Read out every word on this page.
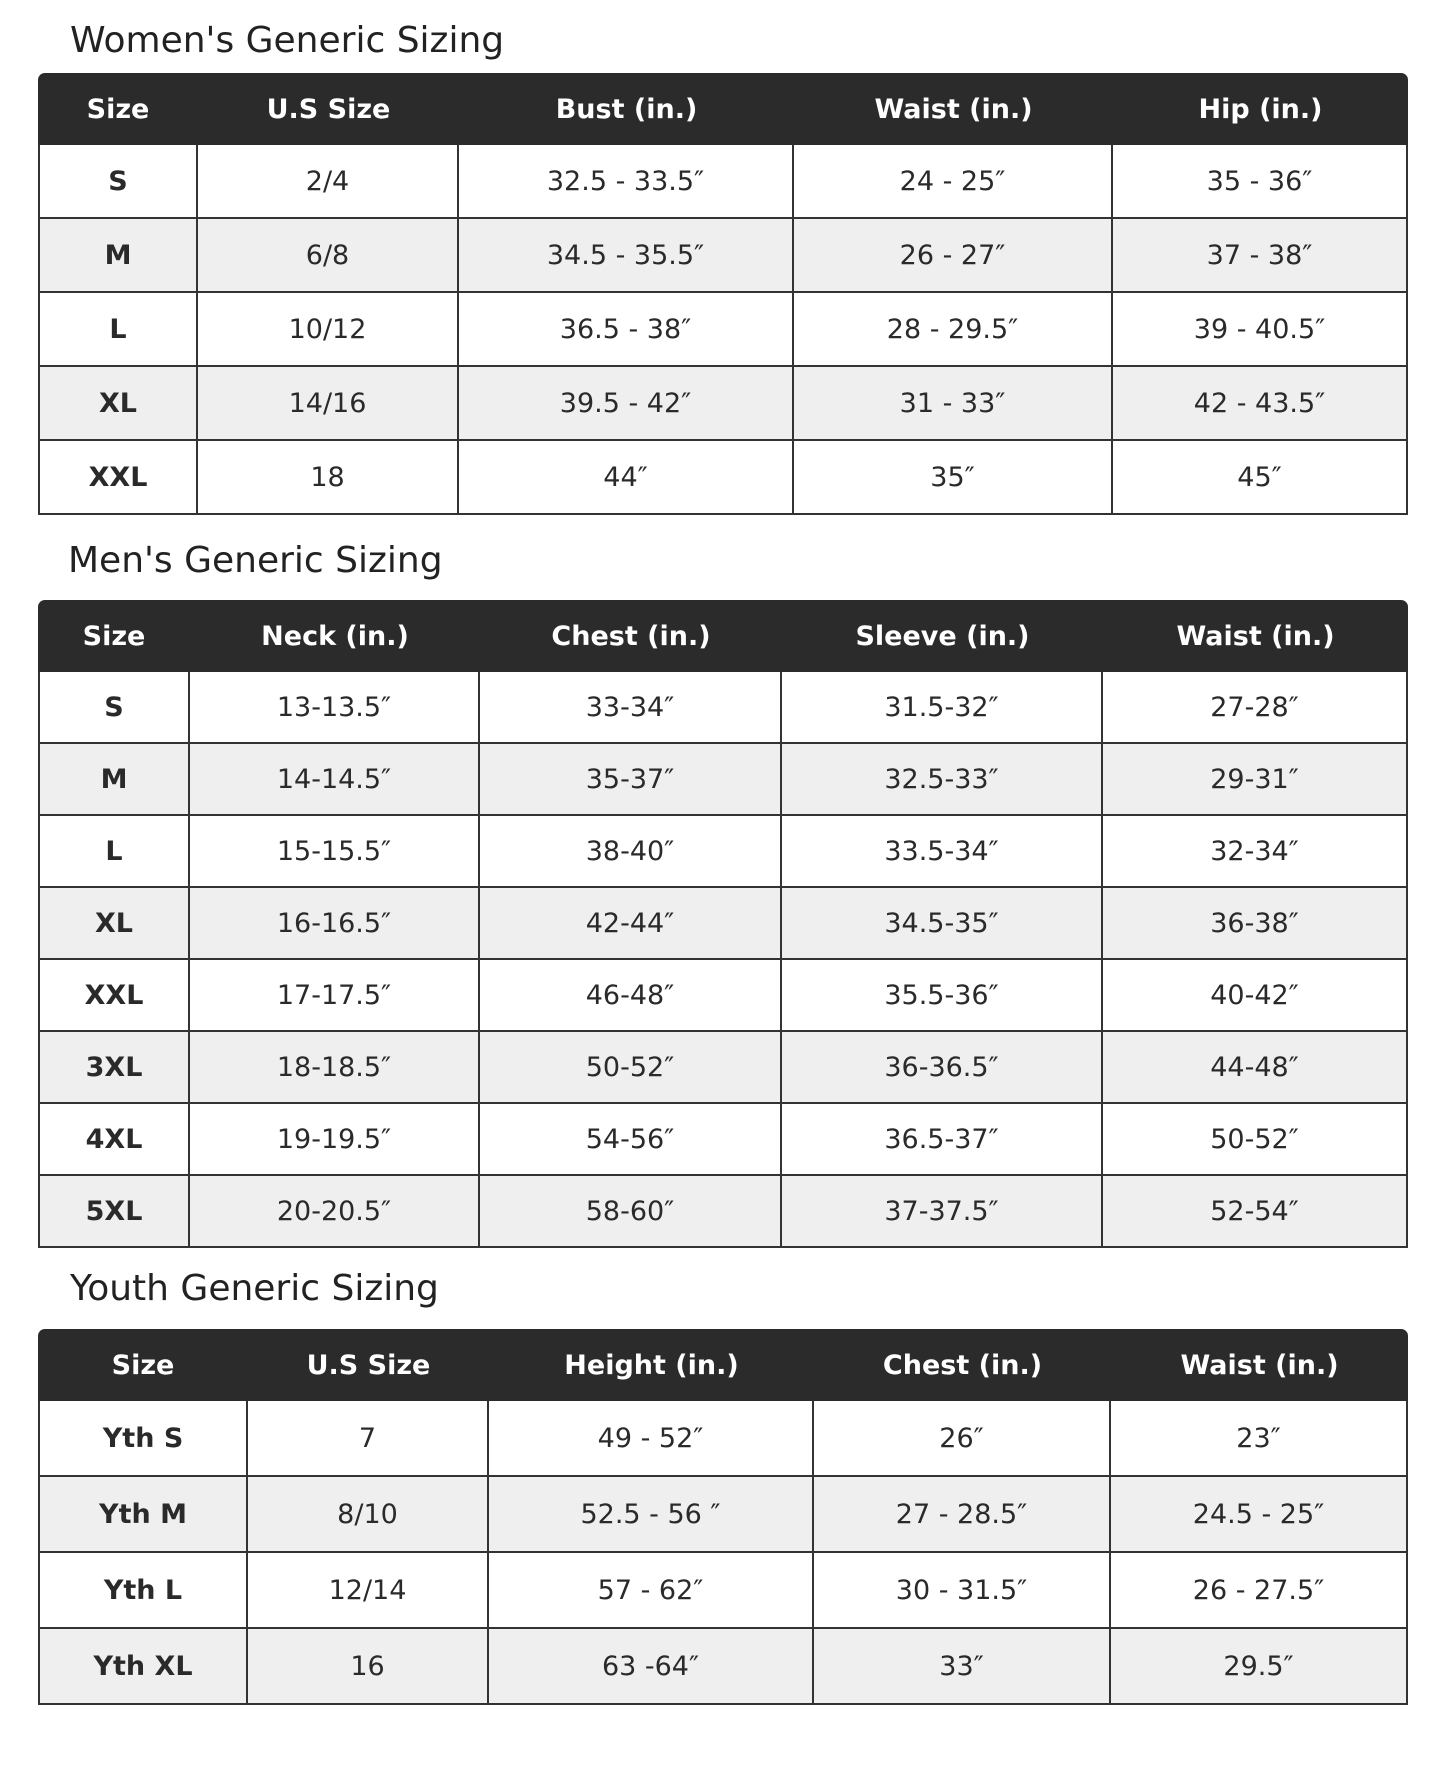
Women's Generic Sizing
Size	U.S Size	Bust (in.)	Waist (in.)	Hip (in.)
S	2/4	32.5 - 33.5″	24 - 25″	35 - 36″
M	6/8	34.5 - 35.5″	26 - 27″	37 - 38″
L	10/12	36.5 - 38″	28 - 29.5″	39 - 40.5″
XL	14/16	39.5 - 42″	31 - 33″	42 - 43.5″
XXL	18	44″	35″	45″
Men's Generic Sizing
Size	Neck (in.)	Chest (in.)	Sleeve (in.)	Waist (in.)
S	13-13.5″	33-34″	31.5-32″	27-28″
M	14-14.5″	35-37″	32.5-33″	29-31″
L	15-15.5″	38-40″	33.5-34″	32-34″
XL	16-16.5″	42-44″	34.5-35″	36-38″
XXL	17-17.5″	46-48″	35.5-36″	40-42″
3XL	18-18.5″	50-52″	36-36.5″	44-48″
4XL	19-19.5″	54-56″	36.5-37″	50-52″
5XL	20-20.5″	58-60″	37-37.5″	52-54″
Youth Generic Sizing
Size	U.S Size	Height (in.)	Chest (in.)	Waist (in.)
Yth S	7	49 - 52″	26″	23″
Yth M	8/10	52.5 - 56 ″	27 - 28.5″	24.5 - 25″
Yth L	12/14	57 - 62″	30 - 31.5″	26 - 27.5″
Yth XL	16	63 -64″	33″	29.5″
